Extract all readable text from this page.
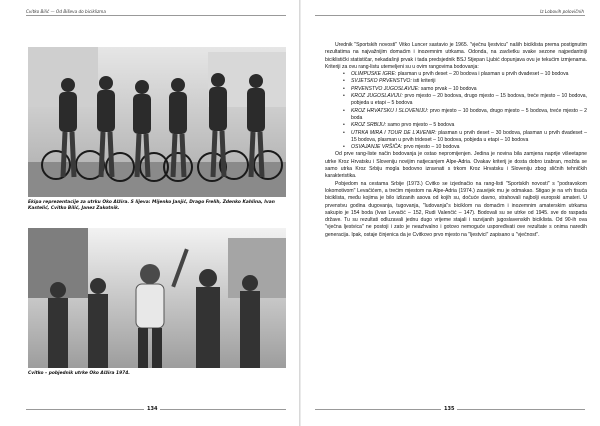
Cvitko Bilić — Od Biševa do biciklizma
Ekipa reprezentacije za utrku Oko Alžira. S lijeva: Mijenko Janjić, Drago Frelih, Zdenko Kahlina, Ivan Kastelić, Cvitko Bilić, Janez Zakotnik.
Cvitko – pobjednik utrke Oko Alžira 1974.
134
Iz Lobovih polovičnih

Urednik "Sportskih novosti" Vitko Luncer sastavio je 1965. "vječnu ljestvicu" naših biciklista prema postignutim rezultatima na najvažnijim domaćim i inozemnim utrkama. Odonda, na zavšetku svake sezone najpedantniji biciklistički statističar, nekadašnji prvak i tada predsjednik BSJ Stjepan Ljubić dopunjava ovu je tekućim izmjenama. Kriteriji za ovu rang-listu utemeljeni su u ovim rangovima bodovanja:

• OLIMPIJSKE IGRE: plasman u prvih deset – 20 bodova i plasman u prvih dvadeset – 10 bodova
• SVJETSKO PRVENSTVO: isti kriteriji
• PRVENSTVO JUGOSLAVIJE: samo prvak – 10 bodova
• KROZ JUGOSLAVIJU: prvo mjesto – 20 bodova, drugo mjesto – 15 bodova, treće mjesto – 10 bodova, pobjeda u etapi – 5 bodova
• KROZ HRVATSKU I SLOVENIJU: prvo mjesto – 10 bodova, drugo mjesto – 5 bodova, treće mjesto – 2 boda
• KROZ SRBIJU: samo prvo mjesto – 5 bodova
• UTRKA MIRA I TOUR DE L'AVENIR: plasman u prvih deset – 30 bodova, plasman u prvih dvadeset – 15 bodova, plasman u prvih trideset – 10 bodova, pobjeda u etapi – 10 bodova
• OSVAJANJE VRŠIČA: prvo mjesto – 10 bodova

Od prve rang-liste način bodovanja je ostao nepromijenjen. Jedina je novina bila zamjena naprije višeetapne utrke Kroz Hrvatsku i Sloveniju novijim natjecanjem Alpe-Adria. Ovakav kriterij je dosta dobro izabran, možda se samo utrka Kroz Srbiju mogla bodovno izravnati s trkom Kroz Hrvatsku i Sloveniju zbog sličnih tehničkih karakteristika.

Pobjedom na cestama Srbije (1973.) Cvitko se izjednačio na rang-listi "Sportskih novosti" s "podravskom lokomotivom" Levačićem, a trećim mjestom na Alpe-Adria (1974.) zauvijek mu je odmakao. Stigao je na vrh tisuća biciklista, među kojima je bilo izlizanih asova od kojih su, dočuće davno, strahovali najbolji europski amateri. U prvenstvu godina dugovanja, tugovanja, "ludovanja"s biciklom na domaćim i inozemnim amaterskim utrkama sakupio je 154 boda (Ivan Levačić – 152, Rudi Valenčić – 147). Bodovali su se utrke od 1945. sve do raspada države. Tu su rezultati odluzavali jednu dugo vrijeme stajali i razvijanih jugoslavenskih biciklista. Od 90-ih ova "vječna ljestvica" ne postoji i zato je neazhvalno i gotovo nemoguće uspoređivati ove rezultate s onima naredih generacija. Ipak, ostaje činjenica da je Cvitkovo prvo mjesto na "ljestvici" zapisano u "vječnost".

135
